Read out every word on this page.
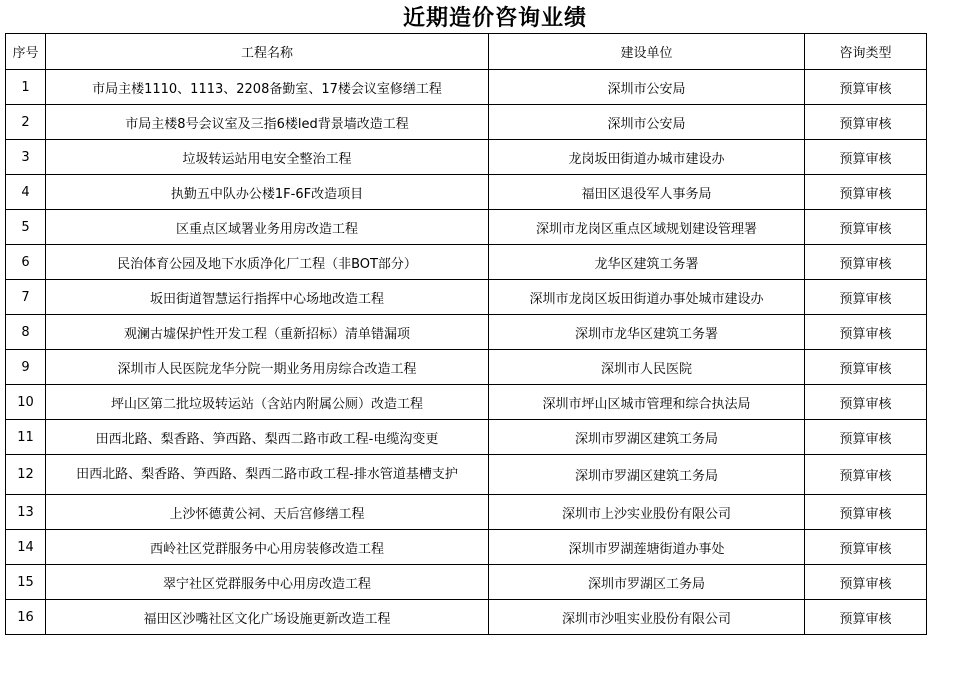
近期造价咨询业绩
序号	工程名称	建设单位	咨询类型
1	市局主楼1110、1113、2208备勤室、17楼会议室修缮工程	深圳市公安局	预算审核
2	市局主楼8号会议室及三指6楼led背景墙改造工程	深圳市公安局	预算审核
3	垃圾转运站用电安全整治工程	龙岗坂田街道办城市建设办	预算审核
4	执勤五中队办公楼1F-6F改造项目	福田区退役军人事务局	预算审核
5	区重点区域署业务用房改造工程	深圳市龙岗区重点区域规划建设管理署	预算审核
6	民治体育公园及地下水质净化厂工程（非BOT部分）	龙华区建筑工务署	预算审核
7	坂田街道智慧运行指挥中心场地改造工程	深圳市龙岗区坂田街道办事处城市建设办	预算审核
8	观澜古墟保护性开发工程（重新招标）清单错漏项	深圳市龙华区建筑工务署	预算审核
9	深圳市人民医院龙华分院一期业务用房综合改造工程	深圳市人民医院	预算审核
10	坪山区第二批垃圾转运站（含站内附属公厕）改造工程	深圳市坪山区城市管理和综合执法局	预算审核
11	田西北路、梨香路、笋西路、梨西二路市政工程-电缆沟变更	深圳市罗湖区建筑工务局	预算审核
12	田西北路、梨香路、笋西路、梨西二路市政工程-排水管道基槽支护	深圳市罗湖区建筑工务局	预算审核
13	上沙怀德黄公祠、天后宫修缮工程	深圳市上沙实业股份有限公司	预算审核
14	西岭社区党群服务中心用房装修改造工程	深圳市罗湖莲塘街道办事处	预算审核
15	翠宁社区党群服务中心用房改造工程	深圳市罗湖区工务局	预算审核
16	福田区沙嘴社区文化广场设施更新改造工程	深圳市沙咀实业股份有限公司	预算审核
